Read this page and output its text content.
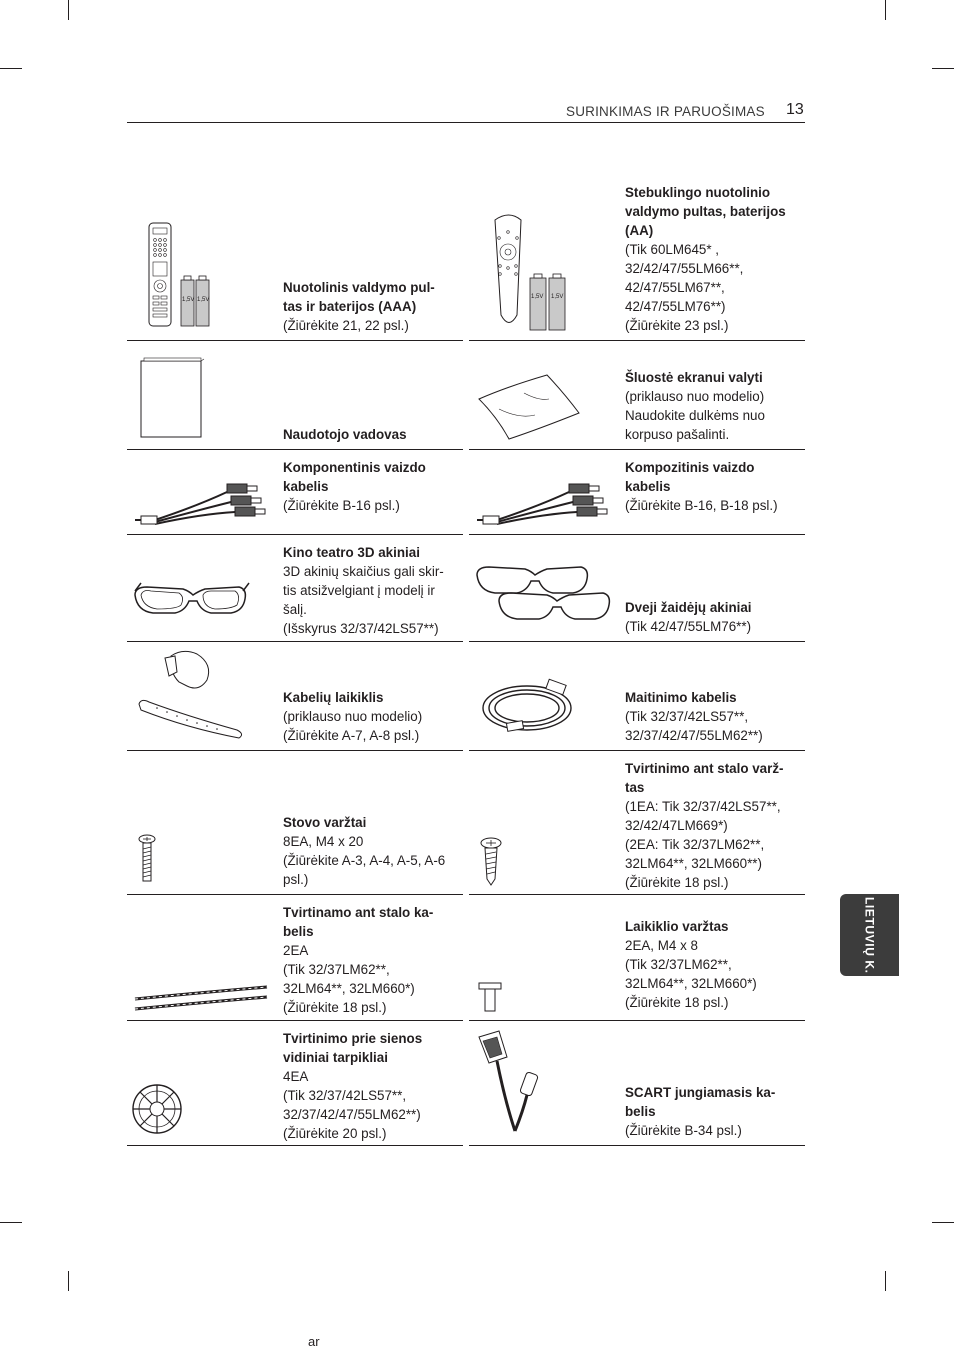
SURINKIMAS IR PARUOŠIMAS 13
LIETUVIŲ K.
1,5V 1,5V
Nuotolinis valdymo pul-
tas ir baterijos (AAA)
(Žiūrėkite 21, 22 psl.)
1,5V 1,5V
Stebuklingo nuotolinio
valdymo pultas, baterijos
(AA)
(Tik 60LM645* ,
32/42/47/55LM66**,
42/47/55LM67**,
42/47/55LM76**)
(Žiūrėkite 23 psl.)
Naudotojo vadovas
Šluostė ekranui valyti
(priklauso nuo modelio)
Naudokite dulkėms nuo
korpuso pašalinti.
Komponentinis vaizdo
kabelis
(Žiūrėkite B-16 psl.)
Kompozitinis vaizdo
kabelis
(Žiūrėkite B-16, B-18 psl.)
Kino teatro 3D akiniai
3D akinių skaičius gali skir-
tis atsižvelgiant į modelį ir
šalį.
(Išskyrus 32/37/42LS57**)
Dveji žaidėjų akiniai
(Tik 42/47/55LM76**)
ar
Kabelių laikiklis
(priklauso nuo modelio)
(Žiūrėkite A-7, A-8 psl.)
Maitinimo kabelis
(Tik 32/37/42LS57**,
32/37/42/47/55LM62**)
Stovo varžtai
8EA, M4 x 20
(Žiūrėkite A-3, A-4, A-5, A-6
psl.)
Tvirtinimo ant stalo varž-
tas
(1EA: Tik 32/37/42LS57**,
32/42/47LM669*)
(2EA: Tik 32/37LM62**,
32LM64**, 32LM660**)
(Žiūrėkite 18 psl.)
Tvirtinamo ant stalo ka-
belis
2EA
(Tik 32/37LM62**,
32LM64**, 32LM660*)
(Žiūrėkite 18 psl.)
Laikiklio varžtas
2EA, M4 x 8
(Tik 32/37LM62**,
32LM64**, 32LM660*)
(Žiūrėkite 18 psl.)
Tvirtinimo prie sienos
vidiniai tarpikliai
4EA
(Tik 32/37/42LS57**,
32/37/42/47/55LM62**)
(Žiūrėkite 20 psl.)
SCART jungiamasis ka-
belis
(Žiūrėkite B-34 psl.)
